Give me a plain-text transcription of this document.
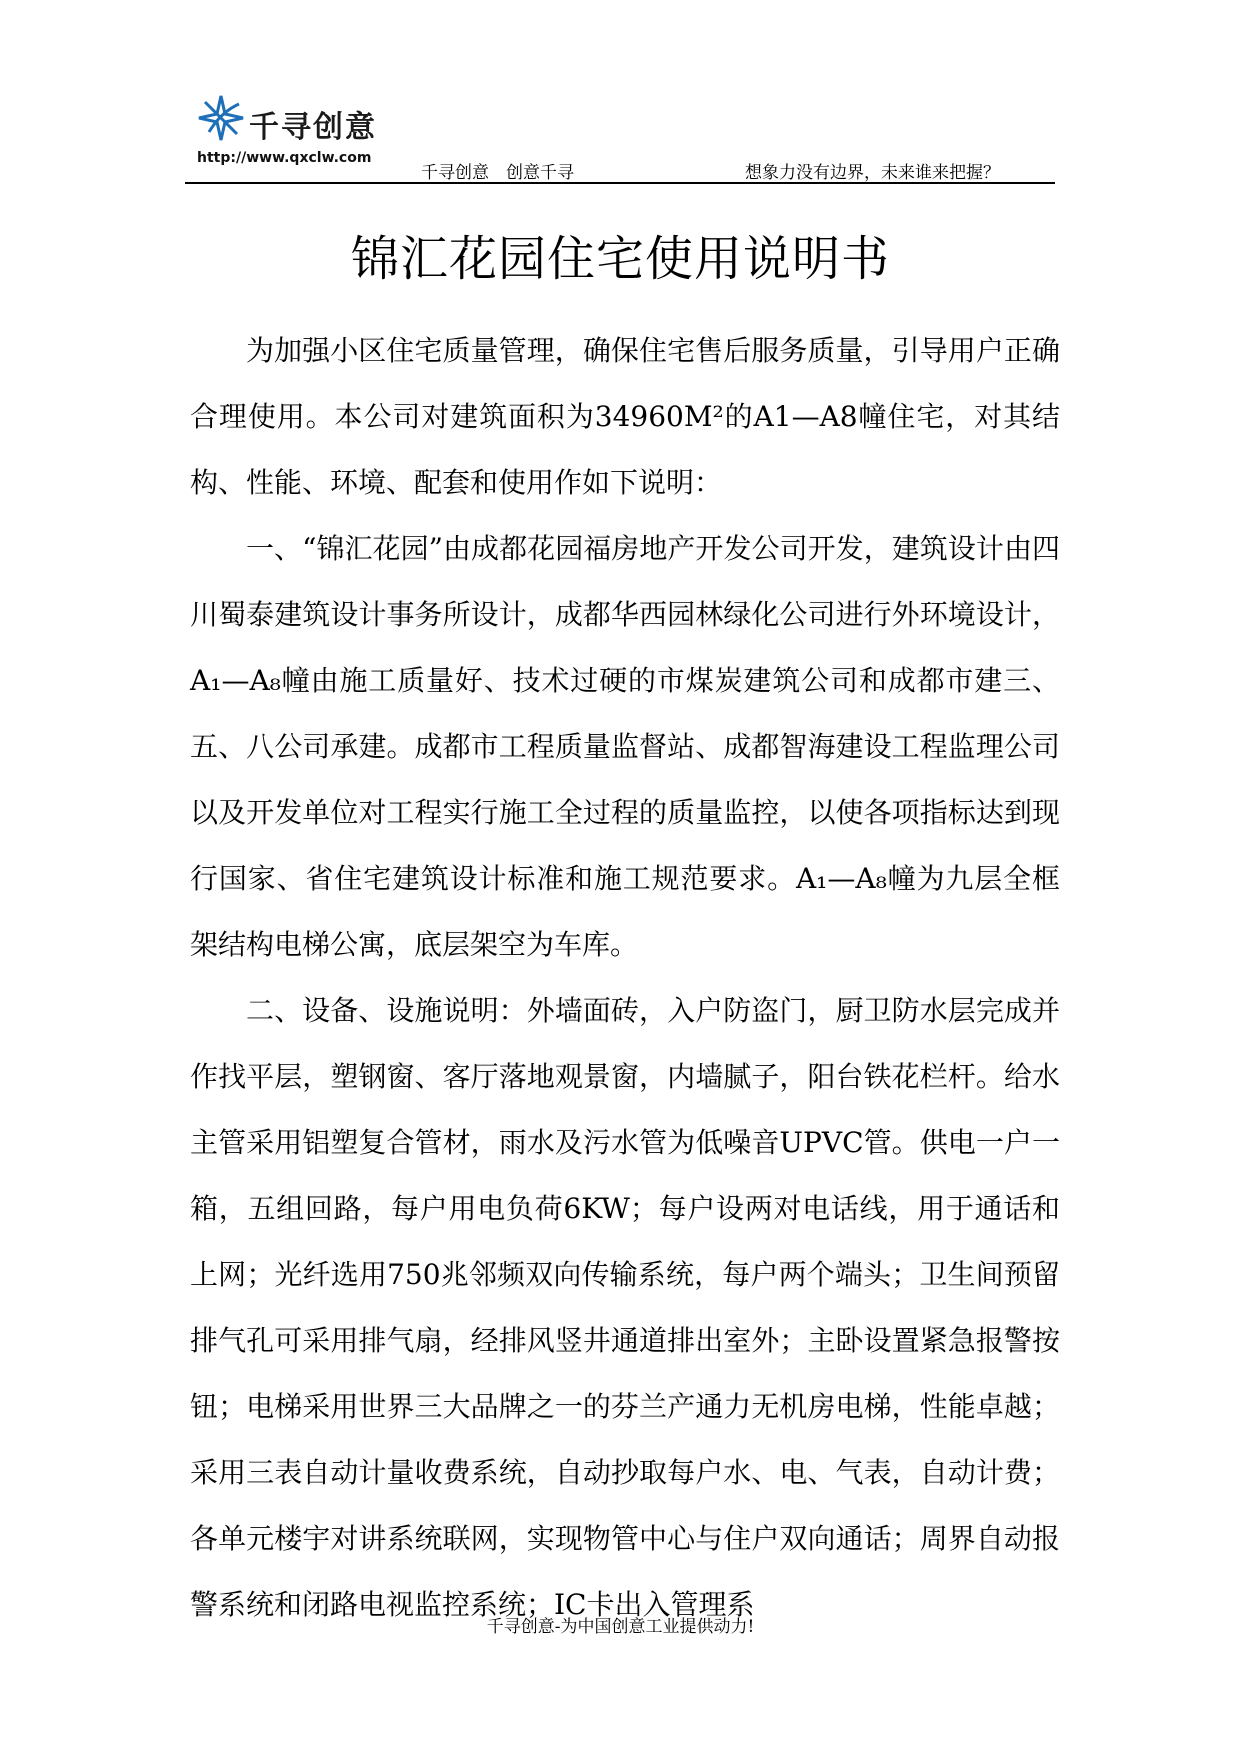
千寻创意
http://www.qxclw.com
千寻创意　创意千寻	想象力没有边界，未来谁来把握？
锦汇花园住宅使用说明书

为加强小区住宅质量管理，确保住宅售后服务质量，引导用户正确合理使用。本公司对建筑面积为34960M²的A1—A8幢住宅，对其结构、性能、环境、配套和使用作如下说明：

一、“锦汇花园”由成都花园福房地产开发公司开发，建筑设计由四川蜀泰建筑设计事务所设计，成都华西园林绿化公司进行外环境设计，A₁—A₈幢由施工质量好、技术过硬的市煤炭建筑公司和成都市建三、五、八公司承建。成都市工程质量监督站、成都智海建设工程监理公司以及开发单位对工程实行施工全过程的质量监控，以使各项指标达到现行国家、省住宅建筑设计标准和施工规范要求。A₁—A₈幢为九层全框架结构电梯公寓，底层架空为车库。

二、设备、设施说明：外墙面砖，入户防盗门，厨卫防水层完成并作找平层，塑钢窗、客厅落地观景窗，内墙腻子，阳台铁花栏杆。给水主管采用铝塑复合管材，雨水及污水管为低噪音UPVC管。供电一户一箱，五组回路，每户用电负荷6KW；每户设两对电话线，用于通话和上网；光纤选用750兆邻频双向传输系统，每户两个端头；卫生间预留排气孔可采用排气扇，经排风竖井通道排出室外；主卧设置紧急报警按钮；电梯采用世界三大品牌之一的芬兰产通力无机房电梯，性能卓越；采用三表自动计量收费系统，自动抄取每户水、电、气表，自动计费；各单元楼宇对讲系统联网，实现物管中心与住户双向通话；周界自动报警系统和闭路电视监控系统；IC卡出入管理系

千寻创意-为中国创意工业提供动力!
